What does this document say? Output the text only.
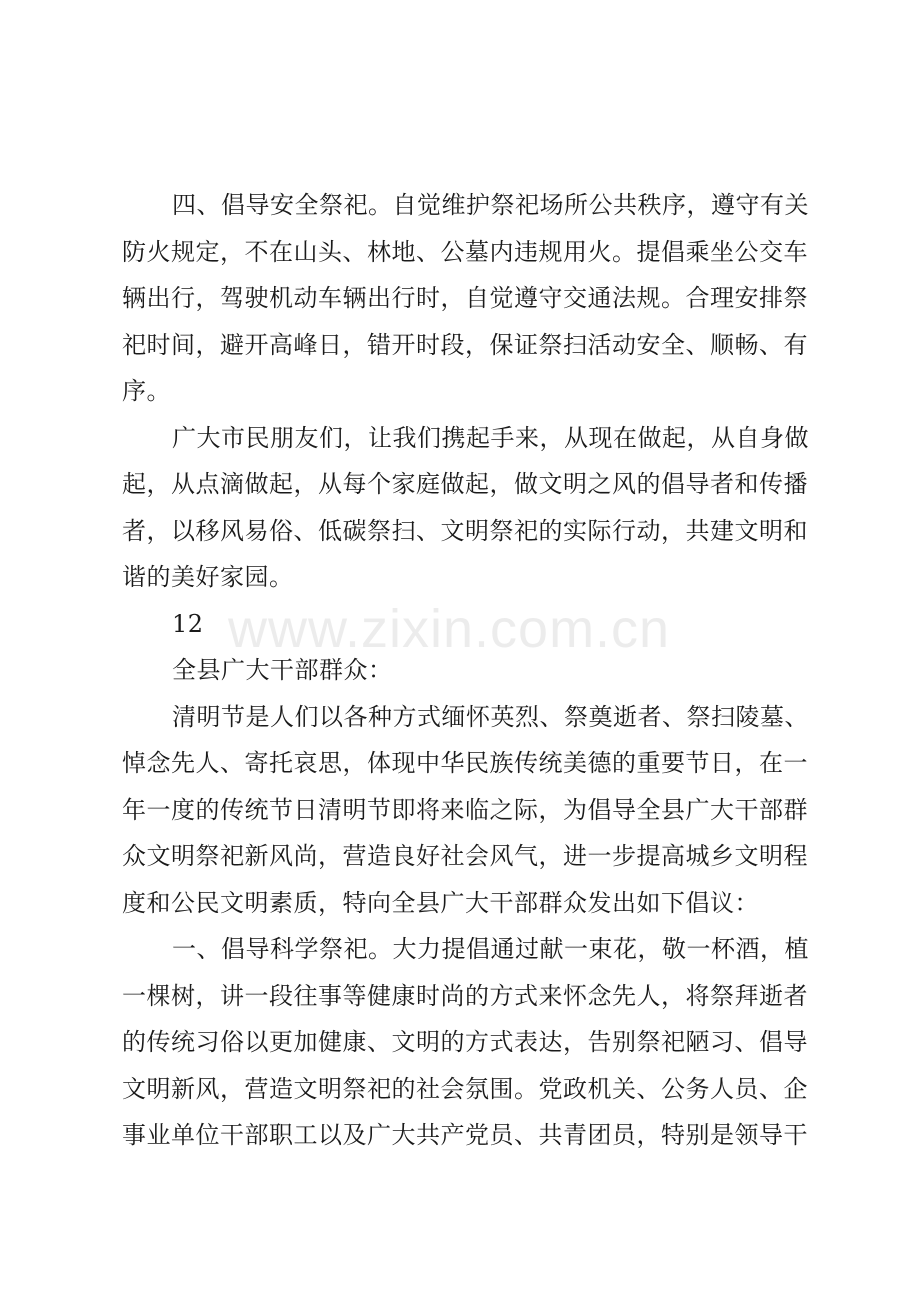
四、倡导安全祭祀。自觉维护祭祀场所公共秩序，遵守有关
防火规定，不在山头、林地、公墓内违规用火。提倡乘坐公交车
辆出行，驾驶机动车辆出行时，自觉遵守交通法规。合理安排祭
祀时间，避开高峰日，错开时段，保证祭扫活动安全、顺畅、有
序。

广大市民朋友们，让我们携起手来，从现在做起，从自身做
起，从点滴做起，从每个家庭做起，做文明之风的倡导者和传播
者，以移风易俗、低碳祭扫、文明祭祀的实际行动，共建文明和
谐的美好家园。

12

全县广大干部群众：

清明节是人们以各种方式缅怀英烈、祭奠逝者、祭扫陵墓、
悼念先人、寄托哀思，体现中华民族传统美德的重要节日，在一
年一度的传统节日清明节即将来临之际，为倡导全县广大干部群
众文明祭祀新风尚，营造良好社会风气，进一步提高城乡文明程
度和公民文明素质，特向全县广大干部群众发出如下倡议：

一、倡导科学祭祀。大力提倡通过献一束花，敬一杯酒，植
一棵树，讲一段往事等健康时尚的方式来怀念先人，将祭拜逝者
的传统习俗以更加健康、文明的方式表达，告别祭祀陋习、倡导
文明新风，营造文明祭祀的社会氛围。党政机关、公务人员、企
事业单位干部职工以及广大共产党员、共青团员，特别是领导干

www.zixin.com.cn
